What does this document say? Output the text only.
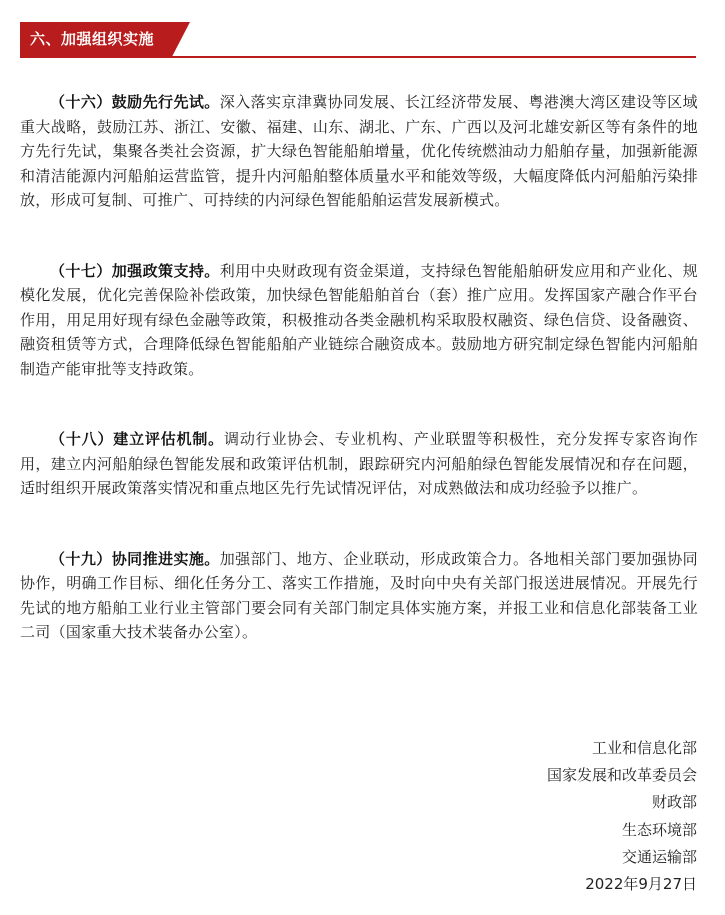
六、加强组织实施

（十六）鼓励先行先试。深入落实京津冀协同发展、长江经济带发展、粤港澳大湾区建设等区域重大战略，鼓励江苏、浙江、安徽、福建、山东、湖北、广东、广西以及河北雄安新区等有条件的地方先行先试，集聚各类社会资源，扩大绿色智能船舶增量，优化传统燃油动力船舶存量，加强新能源和清洁能源内河船舶运营监管，提升内河船舶整体质量水平和能效等级，大幅度降低内河船舶污染排放，形成可复制、可推广、可持续的内河绿色智能船舶运营发展新模式。

（十七）加强政策支持。利用中央财政现有资金渠道，支持绿色智能船舶研发应用和产业化、规模化发展，优化完善保险补偿政策，加快绿色智能船舶首台（套）推广应用。发挥国家产融合作平台作用，用足用好现有绿色金融等政策，积极推动各类金融机构采取股权融资、绿色信贷、设备融资、融资租赁等方式，合理降低绿色智能船舶产业链综合融资成本。鼓励地方研究制定绿色智能内河船舶制造产能审批等支持政策。

（十八）建立评估机制。调动行业协会、专业机构、产业联盟等积极性，充分发挥专家咨询作用，建立内河船舶绿色智能发展和政策评估机制，跟踪研究内河船舶绿色智能发展情况和存在问题，适时组织开展政策落实情况和重点地区先行先试情况评估，对成熟做法和成功经验予以推广。

（十九）协同推进实施。加强部门、地方、企业联动，形成政策合力。各地相关部门要加强协同协作，明确工作目标、细化任务分工、落实工作措施，及时向中央有关部门报送进展情况。开展先行先试的地方船舶工业行业主管部门要会同有关部门制定具体实施方案，并报工业和信息化部装备工业二司（国家重大技术装备办公室）。

工业和信息化部
国家发展和改革委员会
财政部
生态环境部
交通运输部
2022年9月27日
